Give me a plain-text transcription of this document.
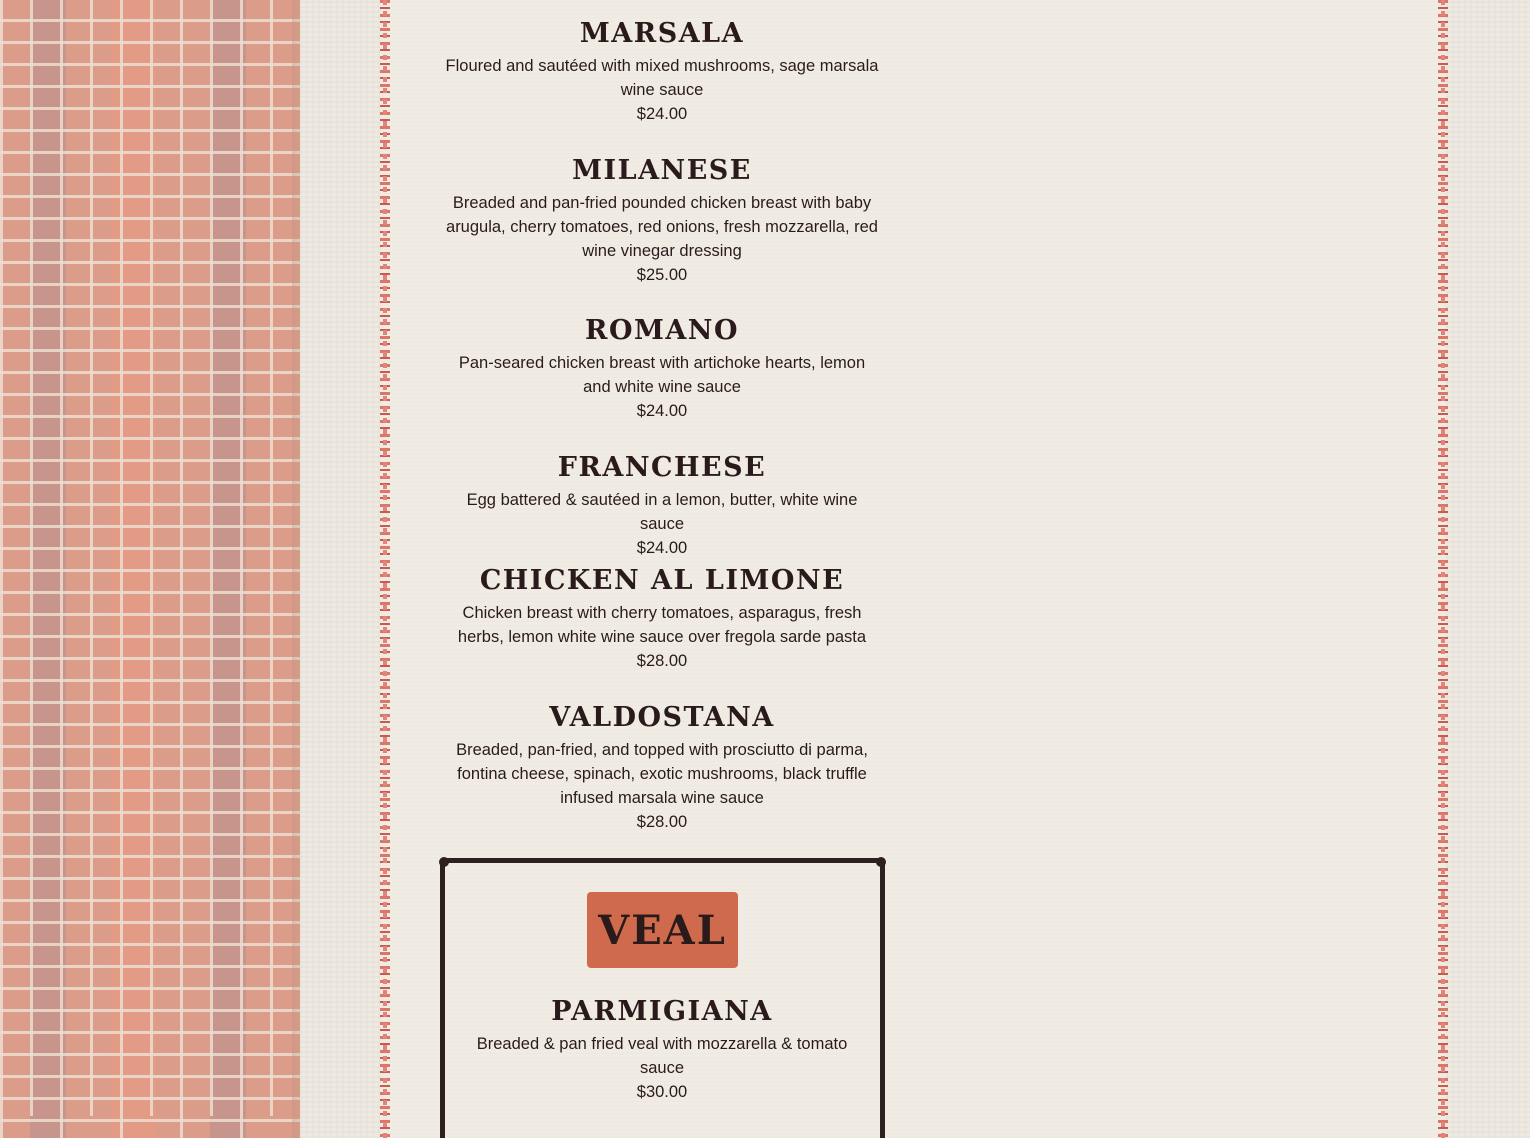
MARSALA

Floured and sautéed with mixed mushrooms, sage marsala wine sauce

$24.00

MILANESE

Breaded and pan-fried pounded chicken breast with baby arugula, cherry tomatoes, red onions, fresh mozzarella, red wine vinegar dressing

$25.00

ROMANO

Pan-seared chicken breast with artichoke hearts, lemon and white wine sauce

$24.00

FRANCHESE

Egg battered & sautéed in a lemon, butter, white wine sauce

$24.00

CHICKEN AL LIMONE

Chicken breast with cherry tomatoes, asparagus, fresh herbs, lemon white wine sauce over fregola sarde pasta

$28.00

VALDOSTANA

Breaded, pan-fried, and topped with prosciutto di parma, fontina cheese, spinach, exotic mushrooms, black truffle infused marsala wine sauce

$28.00

VEAL
PARMIGIANA

Breaded & pan fried veal with mozzarella & tomato sauce

$30.00
